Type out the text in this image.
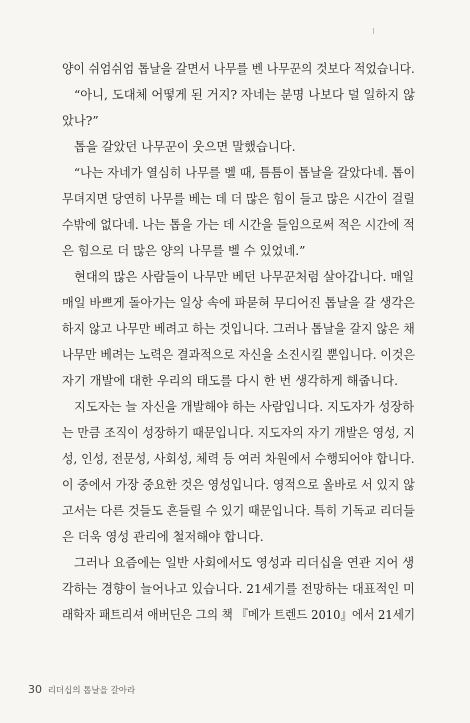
양이 쉬엄쉬엄 톱날을 갈면서 나무를 벤 나무꾼의 것보다 적었습니다.
“아니, 도대체 어떻게 된 거지? 자네는 분명 나보다 덜 일하지 않
았나?”
톱을 갈았던 나무꾼이 웃으면 말했습니다.
“나는 자네가 열심히 나무를 벨 때, 틈틈이 톱날을 갈았다네. 톱이
무뎌지면 당연히 나무를 베는 데 더 많은 힘이 들고 많은 시간이 걸릴
수밖에 없다네. 나는 톱을 가는 데 시간을 들임으로써 적은 시간에 적
은 힘으로 더 많은 양의 나무를 벨 수 있었네.”
현대의 많은 사람들이 나무만 베던 나무꾼처럼 살아갑니다. 매일
매일 바쁘게 돌아가는 일상 속에 파묻혀 무디어진 톱날을 갈 생각은
하지 않고 나무만 베려고 하는 것입니다. 그러나 톱날을 갈지 않은 채
나무만 베려는 노력은 결과적으로 자신을 소진시킬 뿐입니다. 이것은
자기 개발에 대한 우리의 태도를 다시 한 번 생각하게 해줍니다.
지도자는 늘 자신을 개발해야 하는 사람입니다. 지도자가 성장하
는 만큼 조직이 성장하기 때문입니다. 지도자의 자기 개발은 영성, 지
성, 인성, 전문성, 사회성, 체력 등 여러 차원에서 수행되어야 합니다.
이 중에서 가장 중요한 것은 영성입니다. 영적으로 올바로 서 있지 않
고서는 다른 것들도 흔들릴 수 있기 때문입니다. 특히 기독교 리더들
은 더욱 영성 관리에 철저해야 합니다.
그러나 요즘에는 일반 사회에서도 영성과 리더십을 연관 지어 생
각하는 경향이 늘어나고 있습니다. 21세기를 전망하는 대표적인 미
래학자 패트리셔 애버딘은 그의 책 『메가 트렌드 2010』에서 21세기
30 리더십의 톱날을 갈아라
